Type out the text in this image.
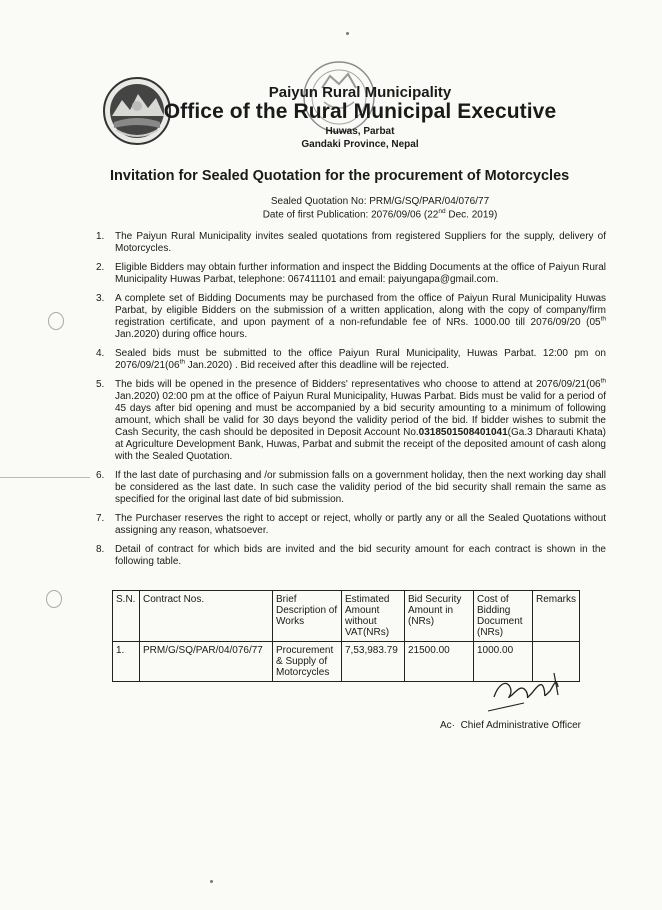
Paiyun Rural Municipality
Office of the Rural Municipal Executive
Huwas, Parbat
Gandaki Province, Nepal
Invitation for Sealed Quotation for the procurement of Motorcycles
Sealed Quotation No: PRM/G/SQ/PAR/04/076/77
Date of first Publication: 2076/09/06 (22nd Dec. 2019)
1. The Paiyun Rural Municipality invites sealed quotations from registered Suppliers for the supply, delivery of Motorcycles.
2. Eligible Bidders may obtain further information and inspect the Bidding Documents at the office of Paiyun Rural Municipality Huwas Parbat, telephone: 067411101 and email: paiyungapa@gmail.com.
3. A complete set of Bidding Documents may be purchased from the office of Paiyun Rural Municipality Huwas Parbat, by eligible Bidders on the submission of a written application, along with the copy of company/firm registration certificate, and upon payment of a non-refundable fee of NRs. 1000.00 till 2076/09/20 (05th Jan.2020) during office hours.
4. Sealed bids must be submitted to the office Paiyun Rural Municipality, Huwas Parbat. 12:00 pm on 2076/09/21(06th Jan.2020) . Bid received after this deadline will be rejected.
5. The bids will be opened in the presence of Bidders' representatives who choose to attend at 2076/09/21(06th Jan.2020) 02:00 pm at the office of Paiyun Rural Municipality, Huwas Parbat. Bids must be valid for a period of 45 days after bid opening and must be accompanied by a bid security amounting to a minimum of following amount, which shall be valid for 30 days beyond the validity period of the bid. If bidder wishes to submit the Cash Security, the cash should be deposited in Deposit Account No.0318501508401041(Ga.3 Dharauti Khata) at Agriculture Development Bank, Huwas, Parbat and submit the receipt of the deposited amount of cash along with the Sealed Quotation.
6. If the last date of purchasing and /or submission falls on a government holiday, then the next working day shall be considered as the last date. In such case the validity period of the bid security shall remain the same as specified for the original last date of bid submission.
7. The Purchaser reserves the right to accept or reject, wholly or partly any or all the Sealed Quotations without assigning any reason, whatsoever.
8. Detail of contract for which bids are invited and the bid security amount for each contract is shown in the following table.
S.N.	Contract Nos.	Brief Description of Works	Estimated Amount without VAT(NRs)	Bid Security Amount in (NRs)	Cost of Bidding Document (NRs)	Remarks
1.	PRM/G/SQ/PAR/04/076/77	Procurement & Supply of Motorcycles	7,53,983.79	21500.00	1000.00	
Ac· Chief Administrative Officer
